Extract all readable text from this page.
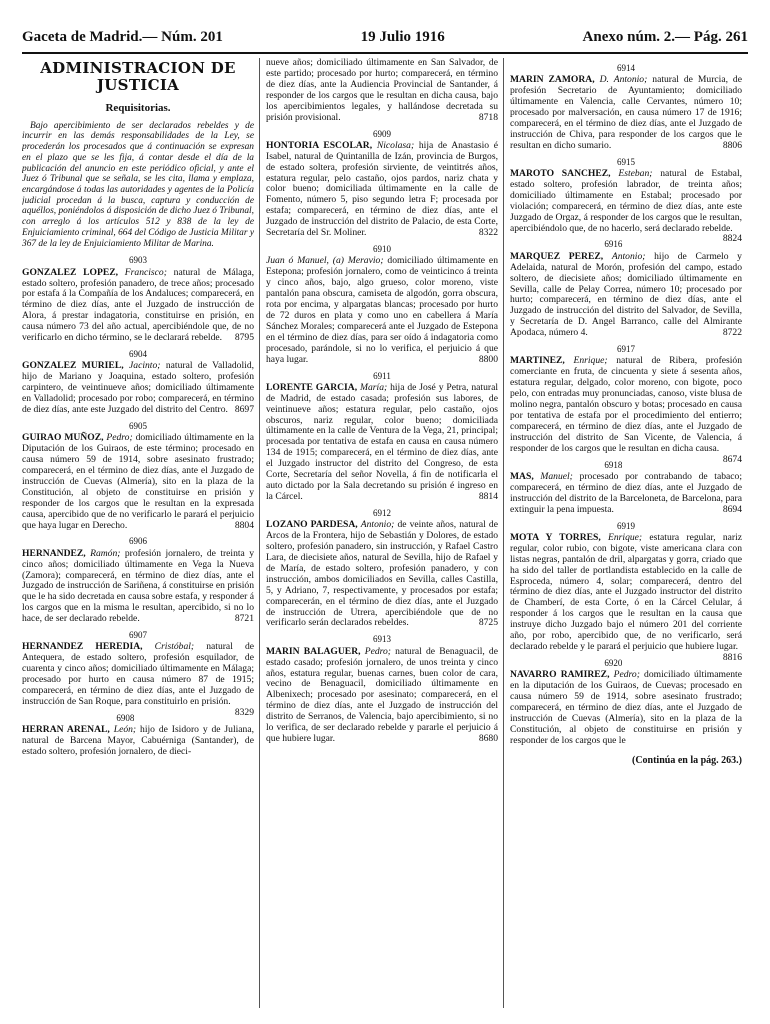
Gaceta de Madrid.— Núm. 201	19 Julio 1916	Anexo núm. 2.— Pág. 261
ADMINISTRACION DE JUSTICIA
Requisitorias.

Bajo apercibimiento de ser declarados rebeldes y de incurrir en las demás responsabilidades de la Ley, se procederán los procesados que á continuación se expresan en el plazo que se les fija, á contar desde el día de la publicación del anuncio en este periódico oficial, y ante el Juez ó Tribunal que se señala, se les cita, llama y emplaza, encargándose á todas las autoridades y agentes de la Policía judicial procedan á la busca, captura y conducción de aquéllos, poniéndolos á disposición de dicho Juez ó Tribunal, con arreglo á los artículos 512 y 838 de la ley de Enjuiciamiento criminal, 664 del Código de Justicia Militar y 367 de la ley de Enjuiciamiento Militar de Marina.

6903

GONZALEZ LOPEZ, Francisco; natural de Málaga, estado soltero, profesión panadero, de trece años; procesado por estafa á la Compañía de los Andaluces; comparecerá, en término de diez días, ante el Juzgado de instrucción de Alora, á prestar indagatoria, constituirse en prisión, en causa número 73 del año actual, apercibiéndole que, de no verificarlo en dicho término, se le declarará rebelde.	8795

6904

GONZALEZ MURIEL, Jacinto; natural de Valladolid, hijo de Mariano y Joaquina, estado soltero, profesión carpintero, de veintinueve años; domiciliado últimamente en Valladolid; procesado por robo; comparecerá, en término de diez días, ante este Juzgado del distrito del Centro. 8697

6905

GUIRAO MUÑOZ, Pedro; domiciliado últimamente en la Diputación de los Guiraos, de este término; procesado en causa número 59 de 1914, sobre asesinato frustrado; comparecerá, en el término de diez días, ante el Juzgado de instrucción de Cuevas (Almería), sito en la plaza de la Constitución, al objeto de constituirse en prisión y responder de los cargos que le resultan en la expresada causa, apercibido que de no verificarlo le parará el perjuicio que haya lugar en Derecho.	8804

6906

HERNANDEZ, Ramón; profesión jornalero, de treinta y cinco años; domiciliado últimamente en Vega la Nueva (Zamora); comparecerá, en término de diez días, ante el Juzgado de instrucción de Sariñena, á constituirse en prisión que le ha sido decretada en causa sobre estafa, y responder á los cargos que en la misma le resultan, apercibido, si no lo hace, de ser declarado rebelde.	8721

6907

HERNANDEZ HEREDIA, Cristóbal; natural de Antequera, de estado soltero, profesión esquilador, de cuarenta y cinco años; domiciliado últimamente en Málaga; procesado por hurto en causa número 87 de 1915; comparecerá, en término de diez días, ante el Juzgado de instrucción de San Roque, para constituirlo en prisión.
8329

6908

HERRAN ARENAL, León; hijo de Isidoro y de Juliana, natural de Barcena Mayor, Cabuérniga (Santander), de estado soltero, profesión jornalero, de dieci-

nueve años; domiciliado últimamente en San Salvador, de este partido; procesado por hurto; comparecerá, en término de diez días, ante la Audiencia Provincial de Santander, á responder de los cargos que le resultan en dicha causa, bajo los apercibimientos legales, y hallándose decretada su prisión provisional.	8718

6909

HONTORIA ESCOLAR, Nicolasa; hija de Anastasio é Isabel, natural de Quintanilla de Izán, provincia de Burgos, de estado soltera, profesión sirviente, de veintitrés años, estatura regular, pelo castaño, ojos pardos, nariz chata y color bueno; domiciliada últimamente en la calle de Fomento, número 5, piso segundo letra F; procesada por estafa; comparecerá, en término de diez días, ante el Juzgado de instrucción del distrito de Palacio, de esta Corte, Secretaría del Sr. Moliner.	8322

6910

Juan ó Manuel, (a) Meravio; domiciliado últimamente en Estepona; profesión jornalero, como de veinticinco á treinta y cinco años, bajo, algo grueso, color moreno, viste pantalón pana obscura, camiseta de algodón, gorra obscura, rota por encima, y alpargatas blancas; procesado por hurto de 72 duros en plata y como uno en cabellera á María Sánchez Morales; comparecerá ante el Juzgado de Estepona en el término de diez días, para ser oído á indagatoria como procesado, parándole, si no lo verifica, el perjuicio á que haya lugar.	8800

6911

LORENTE GARCIA, María; hija de José y Petra, natural de Madrid, de estado casada; profesión sus labores, de veintinueve años; estatura regular, pelo castaño, ojos obscuros, nariz regular, color bueno; domiciliada últimamente en la calle de Ventura de la Vega, 21, principal; procesada por tentativa de estafa en causa en causa número 134 de 1915; comparecerá, en el término de diez días, ante el Juzgado instructor del distrito del Congreso, de esta Corte, Secretaría del señor Novella, á fin de notificarla el auto dictado por la Sala decretando su prisión é ingreso en la Cárcel.	8814

6912

LOZANO PARDESA, Antonio; de veinte años, natural de Arcos de la Frontera, hijo de Sebastián y Dolores, de estado soltero, profesión panadero, sin instrucción, y Rafael Castro Lara, de diecisiete años, natural de Sevilla, hijo de Rafael y de María, de estado soltero, profesión panadero, y con instrucción, ambos domiciliados en Sevilla, calles Castilla, 5, y Adriano, 7, respectivamente, y procesados por estafa; comparecerán, en el término de diez días, ante el Juzgado de instrucción de Utrera, apercibiéndole que de no verificarlo serán declarados rebeldes.	8725

6913

MARIN BALAGUER, Pedro; natural de Benaguacil, de estado casado; profesión jornalero, de unos treinta y cinco años, estatura regular, buenas carnes, buen color de cara, vecino de Benaguacil, domiciliado últimamente en Albenixech; procesado por asesinato; comparecerá, en el término de diez días, ante el Juzgado de instrucción del distrito de Serranos, de Valencia, bajo apercibimiento, si no lo verifica, de ser declarado rebelde y pararle el perjuicio á que hubiere lugar.	8680

6914

MARIN ZAMORA, D. Antonio; natural de Murcia, de profesión Secretario de Ayuntamiento; domiciliado últimamente en Valencia, calle Cervantes, número 10; procesado por malversación, en causa número 17 de 1916; comparecerá, en el término de diez días, ante el Juzgado de instrucción de Chiva, para responder de los cargos que le resultan en dicho sumario.	8806

6915

MAROTO SANCHEZ, Esteban; natural de Estabal, estado soltero, profesión labrador, de treinta años; domiciliado últimamente en Estabal; procesado por violación; comparecerá, en término de diez días, ante este Juzgado de Orgaz, á responder de los cargos que le resultan, apercibiéndolo que, de no hacerlo, será declarado rebelde.
8824

6916

MARQUEZ PEREZ, Antonio; hijo de Carmelo y Adelaida, natural de Morón, profesión del campo, estado soltero, de diecisiete años; domiciliado últimamente en Sevilla, calle de Pelay Correa, número 10; procesado por hurto; comparecerá, en término de diez días, ante el Juzgado de instrucción del distrito del Salvador, de Sevilla, y Secretaría de D. Angel Barranco, calle del Almirante Apodaca, número 4.	8722

6917

MARTINEZ, Enrique; natural de Ribera, profesión comerciante en fruta, de cincuenta y siete á sesenta años, estatura regular, delgado, color moreno, con bigote, poco pelo, con entradas muy pronunciadas, canoso, viste blusa de molino negra, pantalón obscuro y botas; procesado en causa por tentativa de estafa por el procedimiento del entierro; comparecerá, en término de diez días, ante el Juzgado de instrucción del distrito de San Vicente, de Valencia, á responder de los cargos que le resultan en dicha causa.
8674

6918

MAS, Manuel; procesado por contrabando de tabaco; comparecerá, en término de diez días, ante el Juzgado de instrucción del distrito de la Barceloneta, de Barcelona, para extinguir la pena impuesta.	8694

6919

MOTA Y TORRES, Enrique; estatura regular, nariz regular, color rubio, con bigote, viste americana clara con listas negras, pantalón de dril, alpargatas y gorra, criado que ha sido del taller de portlandista establecido en la calle de Esproceda, número 4, solar; comparecerá, dentro del término de diez días, ante el Juzgado instructor del distrito de Chamberí, de esta Corte, ó en la Cárcel Celular, á responder á los cargos que le resultan en la causa que instruye dicho Juzgado bajo el número 201 del corriente año, por robo, apercibido que, de no verificarlo, será declarado rebelde y le parará el perjuicio que hubiere lugar.
8816

6920

NAVARRO RAMIREZ, Pedro; domiciliado últimamente en la diputación de los Guiraos, de Cuevas; procesado en causa número 59 de 1914, sobre asesinato frustrado; comparecerá, en término de diez días, ante el Juzgado de instrucción de Cuevas (Almería), sito en la plaza de la Constitución, al objeto de constituirse en prisión y responder de los cargos que le

(Continúa en la pág. 263.)
